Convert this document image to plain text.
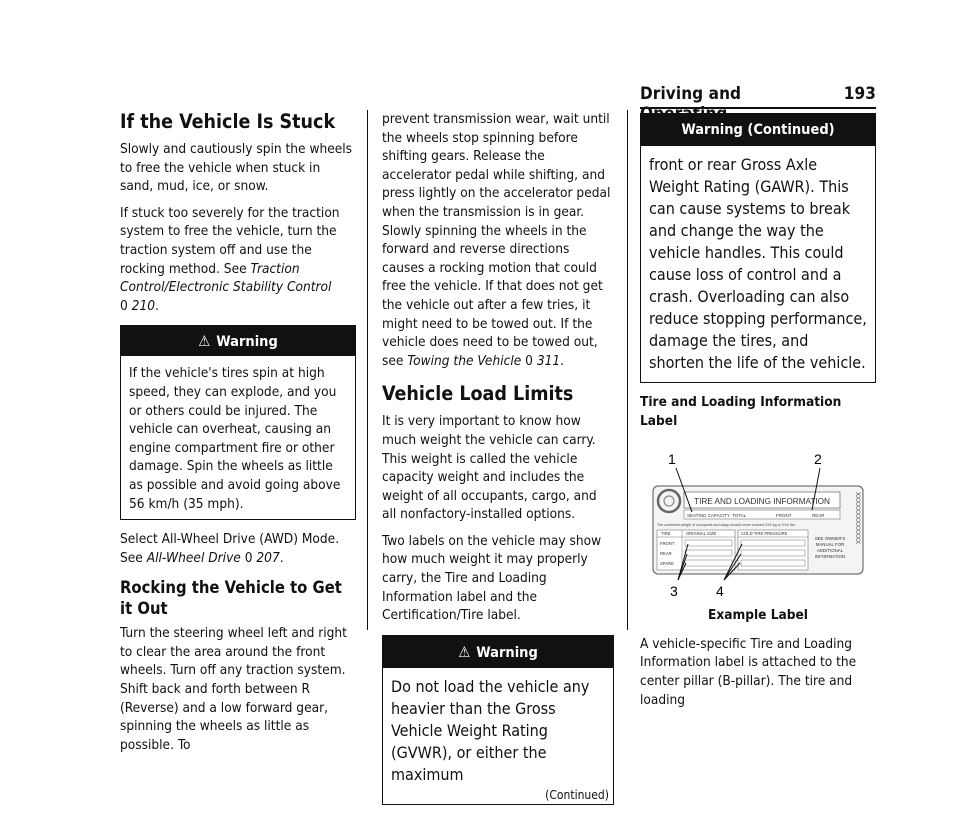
Driving and	193
If the Vehicle Is Stuck

Slowly and cautiously spin the wheels to free the vehicle when stuck in sand, mud, ice, or snow.

If stuck too severely for the traction system to free the vehicle, turn the traction system off and use the rocking method. See Traction Control/Electronic Stability Control
0 210.

⚠ Warning
If the vehicle's tires spin at high speed, they can explode, and you or others could be injured. The vehicle can overheat, causing an engine compartment fire or other damage. Spin the wheels as little as possible and avoid going above 56 km/h (35 mph).

Select All-Wheel Drive (AWD) Mode. See All-Wheel Drive 0 207.

Rocking the Vehicle to Get it Out

Turn the steering wheel left and right to clear the area around the front wheels. Turn off any traction system. Shift back and forth between R (Reverse) and a low forward gear, spinning the wheels as little as possible. To

prevent transmission wear, wait until the wheels stop spinning before shifting gears. Release the accelerator pedal while shifting, and press lightly on the accelerator pedal when the transmission is in gear. Slowly spinning the wheels in the forward and reverse directions causes a rocking motion that could free the vehicle. If that does not get the vehicle out after a few tries, it might need to be towed out. If the vehicle does need to be towed out, see Towing the Vehicle 0 311.

Vehicle Load Limits

It is very important to know how much weight the vehicle can carry. This weight is called the vehicle capacity weight and includes the weight of all occupants, cargo, and all nonfactory-installed options.

Two labels on the vehicle may show how much weight it may properly carry, the Tire and Loading Information label and the Certification/Tire label.

⚠ Warning
Do not load the vehicle any heavier than the Gross Vehicle Weight Rating (GVWR), or either the maximum
(Continued)
Warning (Continued)
front or rear Gross Axle Weight Rating (GAWR). This can cause systems to break and change the way the vehicle handles. This could cause loss of control and a crash. Overloading can also reduce stopping performance, damage the tires, and shorten the life of the vehicle.
Tire and Loading Information Label
1	2
3	4
TIRE AND LOADING INFORMATION
SEATING CAPACITY TOTAL	FRONT	REAR
The combined weight of occupants and cargo should never exceed XXX kg or XXX lbs.
TIRE	ORIGINAL SIZE
FRONT
REAR
SPARE
COLD TIRE PRESSURE
SEE OWNER'S
MANUAL FOR
ADDITIONAL
INFORMATION
XXXXXXXXXXXXX
Example Label

A vehicle-specific Tire and Loading Information label is attached to the center pillar (B-pillar). The tire and loading
